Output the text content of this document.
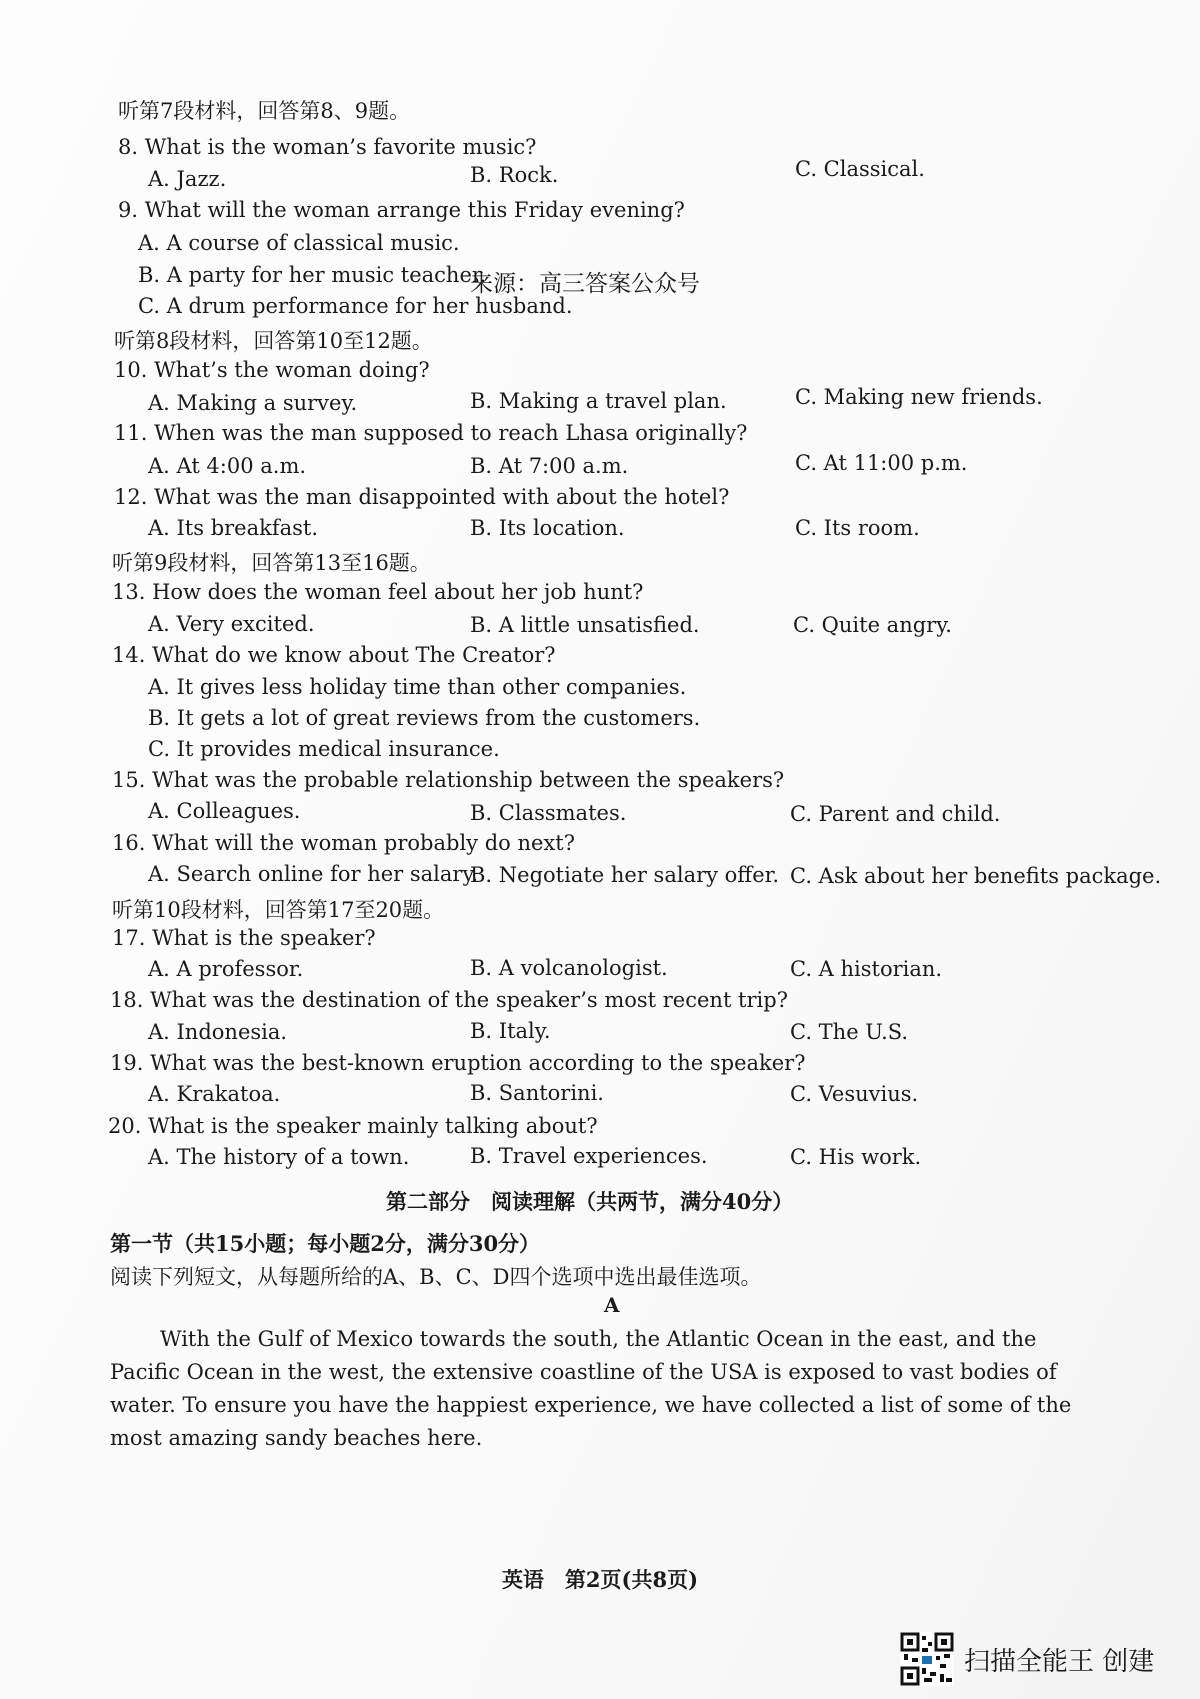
听第7段材料，回答第8、9题。

8. What is the woman’s favorite music?

A. Jazz.	B. Rock.	C. Classical.

9. What will the woman arrange this Friday evening?

A. A course of classical music.
B. A party for her music teacher.
来源：高三答案公众号
C. A drum performance for her husband.

听第8段材料，回答第10至12题。

10. What’s the woman doing?

A. Making a survey.	B. Making a travel plan.	C. Making new friends.

11. When was the man supposed to reach Lhasa originally?

A. At 4:00 a.m.	B. At 7:00 a.m.	C. At 11:00 p.m.

12. What was the man disappointed with about the hotel?

A. Its breakfast.	B. Its location.	C. Its room.

听第9段材料，回答第13至16题。

13. How does the woman feel about her job hunt?

A. Very excited.	B. A little unsatisfied.	C. Quite angry.

14. What do we know about The Creator?

A. It gives less holiday time than other companies.
B. It gets a lot of great reviews from the customers.
C. It provides medical insurance.

15. What was the probable relationship between the speakers?

A. Colleagues.	B. Classmates.	C. Parent and child.

16. What will the woman probably do next?

A. Search online for her salary.
B. Negotiate her salary offer. C. Ask about her benefits package.

听第10段材料，回答第17至20题。

17. What is the speaker?

A. A professor.	B. A volcanologist.	C. A historian.

18. What was the destination of the speaker’s most recent trip?

A. Indonesia.	B. Italy.	C. The U.S.

19. What was the best-known eruption according to the speaker?

A. Krakatoa.	B. Santorini.	C. Vesuvius.

20. What is the speaker mainly talking about?

A. The history of a town.	B. Travel experiences.	C. His work.

第二部分　阅读理解（共两节，满分40分）

第一节（共15小题；每小题2分，满分30分）

阅读下列短文，从每题所给的A、B、C、D四个选项中选出最佳选项。

A

With the Gulf of Mexico towards the south, the Atlantic Ocean in the east, and the Pacific Ocean in the west, the extensive coastline of the USA is exposed to vast bodies of water. To ensure you have the happiest experience, we have collected a list of some of the most amazing sandy beaches here.

英语　第2页(共8页)
扫描全能王 创建
